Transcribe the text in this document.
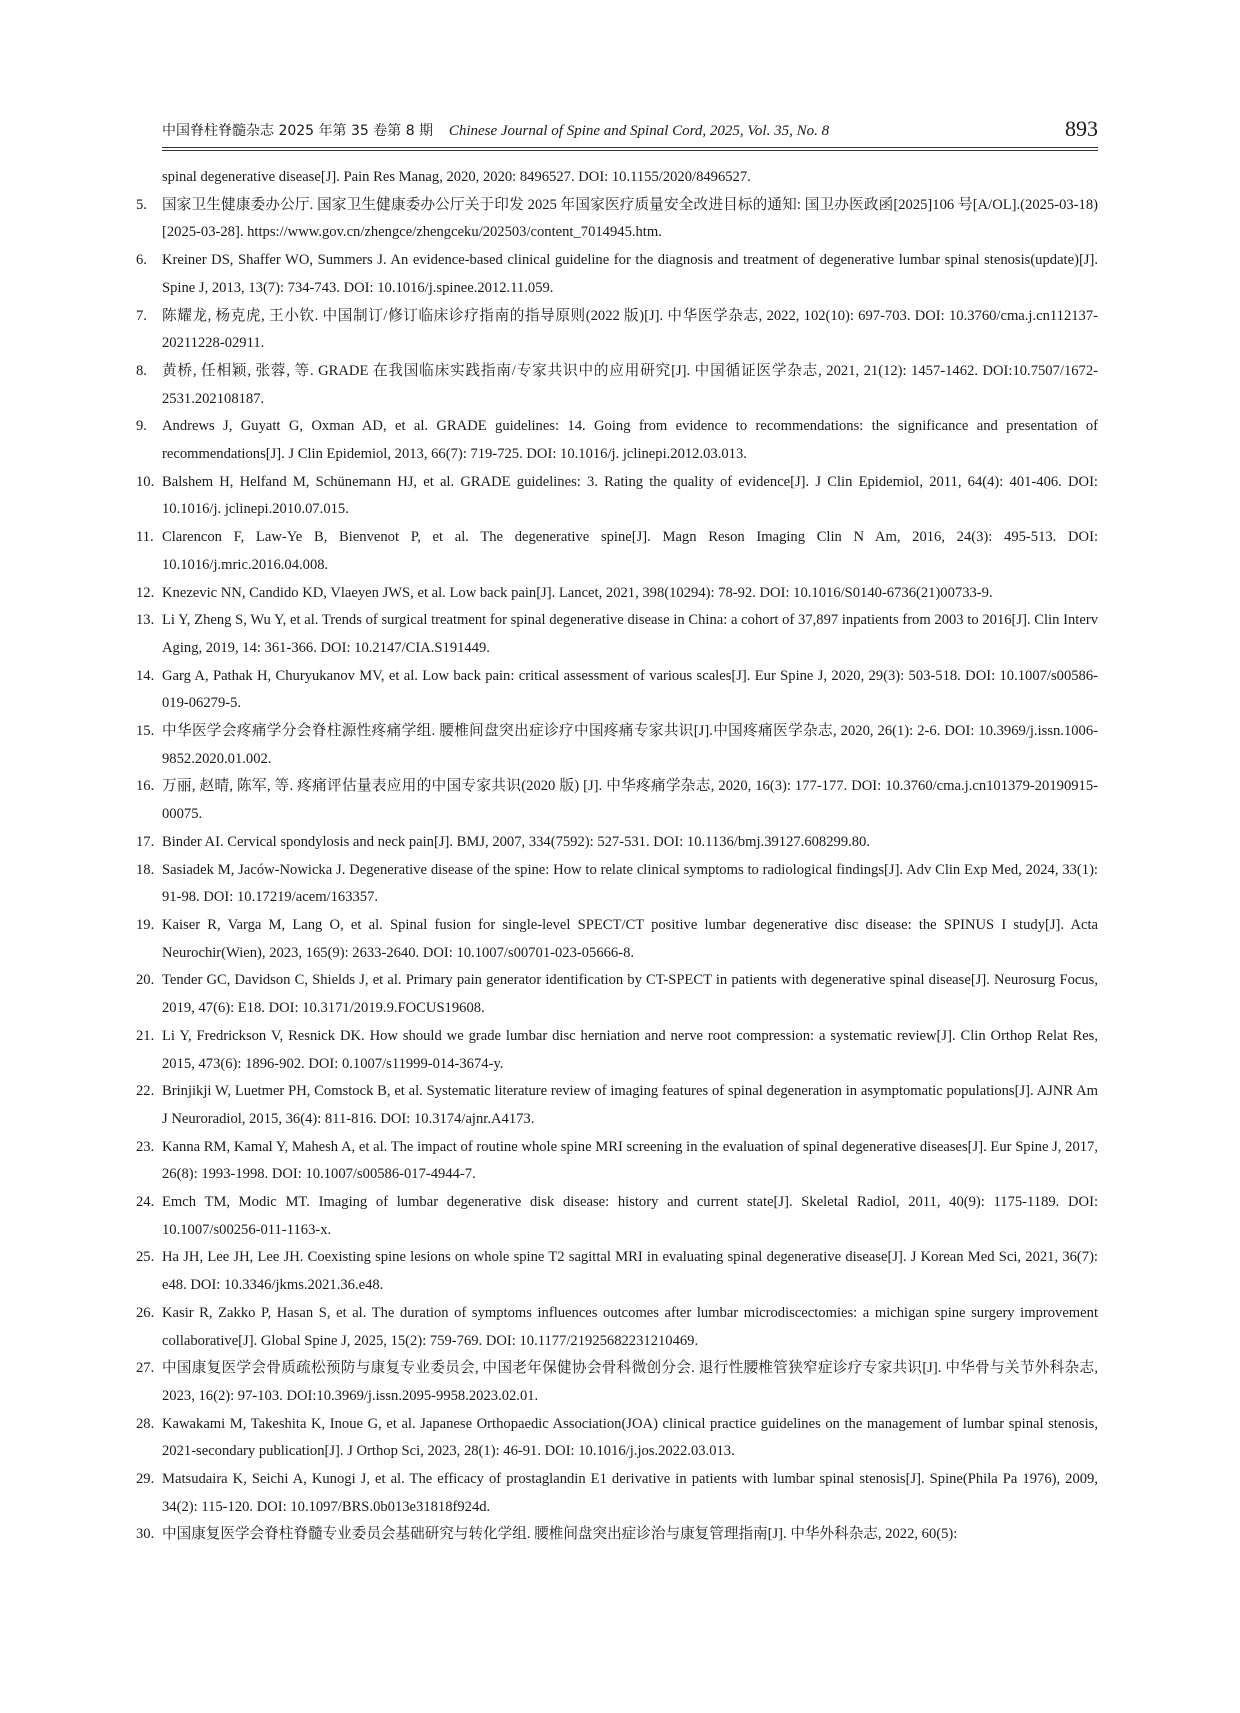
中国脊柱脊髓杂志 2025 年第 35 卷第 8 期 Chinese Journal of Spine and Spinal Cord, 2025, Vol. 35, No. 8	893
spinal degenerative disease[J]. Pain Res Manag, 2020, 2020: 8496527. DOI: 10.1155/2020/8496527.
5.	国家卫生健康委办公厅. 国家卫生健康委办公厅关于印发 2025 年国家医疗质量安全改进目标的通知: 国卫办医政函[2025]106 号[A/OL].(2025-03-18)[2025-03-28]. https://www.gov.cn/zhengce/zhengceku/202503/content_7014945.htm.
6.	Kreiner DS, Shaffer WO, Summers J. An evidence-based clinical guideline for the diagnosis and treatment of degenerative lumbar spinal stenosis(update)[J]. Spine J, 2013, 13(7): 734-743. DOI: 10.1016/j.spinee.2012.11.059.
7.	陈耀龙, 杨克虎, 王小钦. 中国制订/修订临床诊疗指南的指导原则(2022 版)[J]. 中华医学杂志, 2022, 102(10): 697-703. DOI: 10.3760/cma.j.cn112137-20211228-02911.
8.	黄桥, 任相颖, 张蓉, 等. GRADE 在我国临床实践指南/专家共识中的应用研究[J]. 中国循证医学杂志, 2021, 21(12): 1457-1462. DOI:10.7507/1672-2531.202108187.
9.	Andrews J, Guyatt G, Oxman AD, et al. GRADE guidelines: 14. Going from evidence to recommendations: the significance and presentation of recommendations[J]. J Clin Epidemiol, 2013, 66(7): 719-725. DOI: 10.1016/j. jclinepi.2012.03.013.
10. Balshem H, Helfand M, Schünemann HJ, et al. GRADE guidelines: 3. Rating the quality of evidence[J]. J Clin Epidemiol, 2011, 64(4): 401-406. DOI: 10.1016/j. jclinepi.2010.07.015.
11. Clarencon F, Law-Ye B, Bienvenot P, et al. The degenerative spine[J]. Magn Reson Imaging Clin N Am, 2016, 24(3): 495-513. DOI: 10.1016/j.mric.2016.04.008.
12. Knezevic NN, Candido KD, Vlaeyen JWS, et al. Low back pain[J]. Lancet, 2021, 398(10294): 78-92. DOI: 10.1016/S0140-6736(21)00733-9.
13. Li Y, Zheng S, Wu Y, et al. Trends of surgical treatment for spinal degenerative disease in China: a cohort of 37,897 inpatients from 2003 to 2016[J]. Clin Interv Aging, 2019, 14: 361-366. DOI: 10.2147/CIA.S191449.
14. Garg A, Pathak H, Churyukanov MV, et al. Low back pain: critical assessment of various scales[J]. Eur Spine J, 2020, 29(3): 503-518. DOI: 10.1007/s00586-019-06279-5.
15. 中华医学会疼痛学分会脊柱源性疼痛学组. 腰椎间盘突出症诊疗中国疼痛专家共识[J].中国疼痛医学杂志, 2020, 26(1): 2-6. DOI: 10.3969/j.issn.1006-9852.2020.01.002.
16. 万丽, 赵晴, 陈军, 等. 疼痛评估量表应用的中国专家共识(2020 版) [J]. 中华疼痛学杂志, 2020, 16(3): 177-177. DOI: 10.3760/cma.j.cn101379-20190915-00075.
17. Binder AI. Cervical spondylosis and neck pain[J]. BMJ, 2007, 334(7592): 527-531. DOI: 10.1136/bmj.39127.608299.80.
18. Sasiadek M, Jaców-Nowicka J. Degenerative disease of the spine: How to relate clinical symptoms to radiological findings[J]. Adv Clin Exp Med, 2024, 33(1): 91-98. DOI: 10.17219/acem/163357.
19. Kaiser R, Varga M, Lang O, et al. Spinal fusion for single-level SPECT/CT positive lumbar degenerative disc disease: the SPINUS I study[J]. Acta Neurochir(Wien), 2023, 165(9): 2633-2640. DOI: 10.1007/s00701-023-05666-8.
20. Tender GC, Davidson C, Shields J, et al. Primary pain generator identification by CT-SPECT in patients with degenerative spinal disease[J]. Neurosurg Focus, 2019, 47(6): E18. DOI: 10.3171/2019.9.FOCUS19608.
21. Li Y, Fredrickson V, Resnick DK. How should we grade lumbar disc herniation and nerve root compression: a systematic review[J]. Clin Orthop Relat Res, 2015, 473(6): 1896-902. DOI: 0.1007/s11999-014-3674-y.
22. Brinjikji W, Luetmer PH, Comstock B, et al. Systematic literature review of imaging features of spinal degeneration in asymptomatic populations[J]. AJNR Am J Neuroradiol, 2015, 36(4): 811-816. DOI: 10.3174/ajnr.A4173.
23. Kanna RM, Kamal Y, Mahesh A, et al. The impact of routine whole spine MRI screening in the evaluation of spinal degenerative diseases[J]. Eur Spine J, 2017, 26(8): 1993-1998. DOI: 10.1007/s00586-017-4944-7.
24. Emch TM, Modic MT. Imaging of lumbar degenerative disk disease: history and current state[J]. Skeletal Radiol, 2011, 40(9): 1175-1189. DOI: 10.1007/s00256-011-1163-x.
25. Ha JH, Lee JH, Lee JH. Coexisting spine lesions on whole spine T2 sagittal MRI in evaluating spinal degenerative disease[J]. J Korean Med Sci, 2021, 36(7): e48. DOI: 10.3346/jkms.2021.36.e48.
26. Kasir R, Zakko P, Hasan S, et al. The duration of symptoms influences outcomes after lumbar microdiscectomies: a michigan spine surgery improvement collaborative[J]. Global Spine J, 2025, 15(2): 759-769. DOI: 10.1177/21925682231210469.
27. 中国康复医学会骨质疏松预防与康复专业委员会, 中国老年保健协会骨科微创分会. 退行性腰椎管狭窄症诊疗专家共识[J]. 中华骨与关节外科杂志, 2023, 16(2): 97-103. DOI:10.3969/j.issn.2095-9958.2023.02.01.
28. Kawakami M, Takeshita K, Inoue G, et al. Japanese Orthopaedic Association(JOA) clinical practice guidelines on the management of lumbar spinal stenosis, 2021-secondary publication[J]. J Orthop Sci, 2023, 28(1): 46-91. DOI: 10.1016/j.jos.2022.03.013.
29. Matsudaira K, Seichi A, Kunogi J, et al. The efficacy of prostaglandin E1 derivative in patients with lumbar spinal stenosis[J]. Spine(Phila Pa 1976), 2009, 34(2): 115-120. DOI: 10.1097/BRS.0b013e31818f924d.
30. 中国康复医学会脊柱脊髓专业委员会基础研究与转化学组. 腰椎间盘突出症诊治与康复管理指南[J]. 中华外科杂志, 2022, 60(5):
